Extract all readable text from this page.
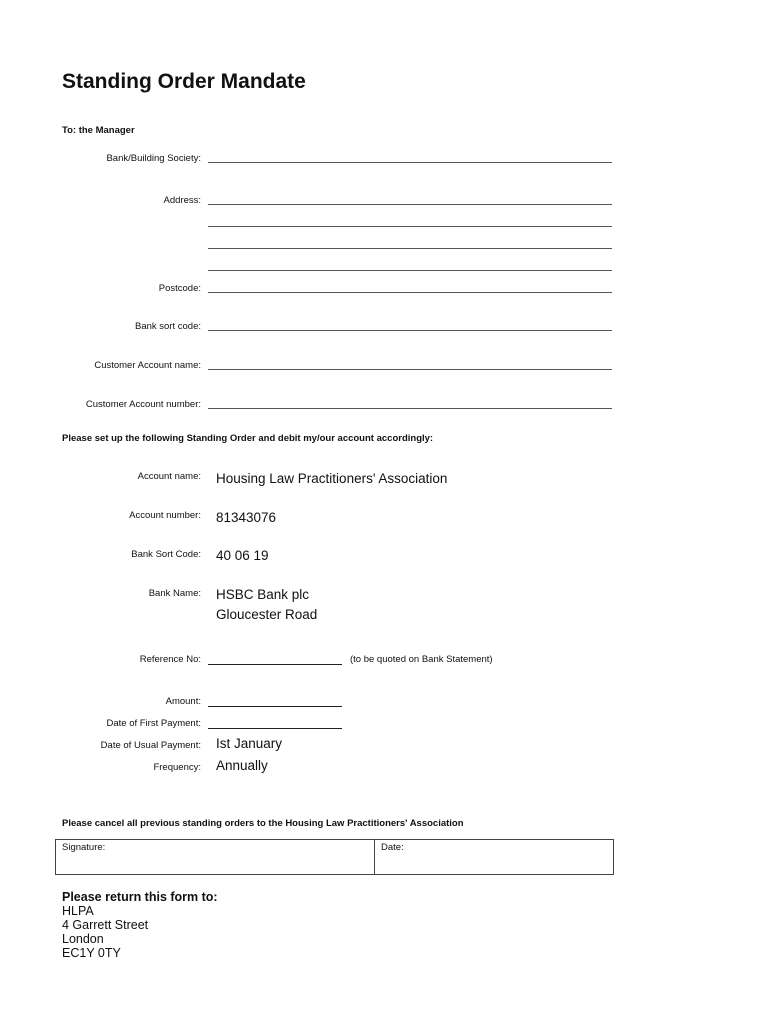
Standing Order Mandate
To: the Manager
Bank/Building Society:
Address:
Postcode:
Bank sort code:
Customer Account name:
Customer Account number:
Please set up the following Standing Order and debit my/our account accordingly:
Account name: Housing Law Practitioners' Association
Account number: 81343076
Bank Sort Code: 40 06 19
Bank Name: HSBC Bank plc
Gloucester Road
Reference No:	(to be quoted on Bank Statement)
Amount:
Date of First Payment:
Date of Usual Payment: Ist January
Frequency: Annually
Please cancel all previous standing orders to the Housing Law Practitioners' Association
Signature:	Date:
Please return this form to:
HLPA
4 Garrett Street
London
EC1Y 0TY
